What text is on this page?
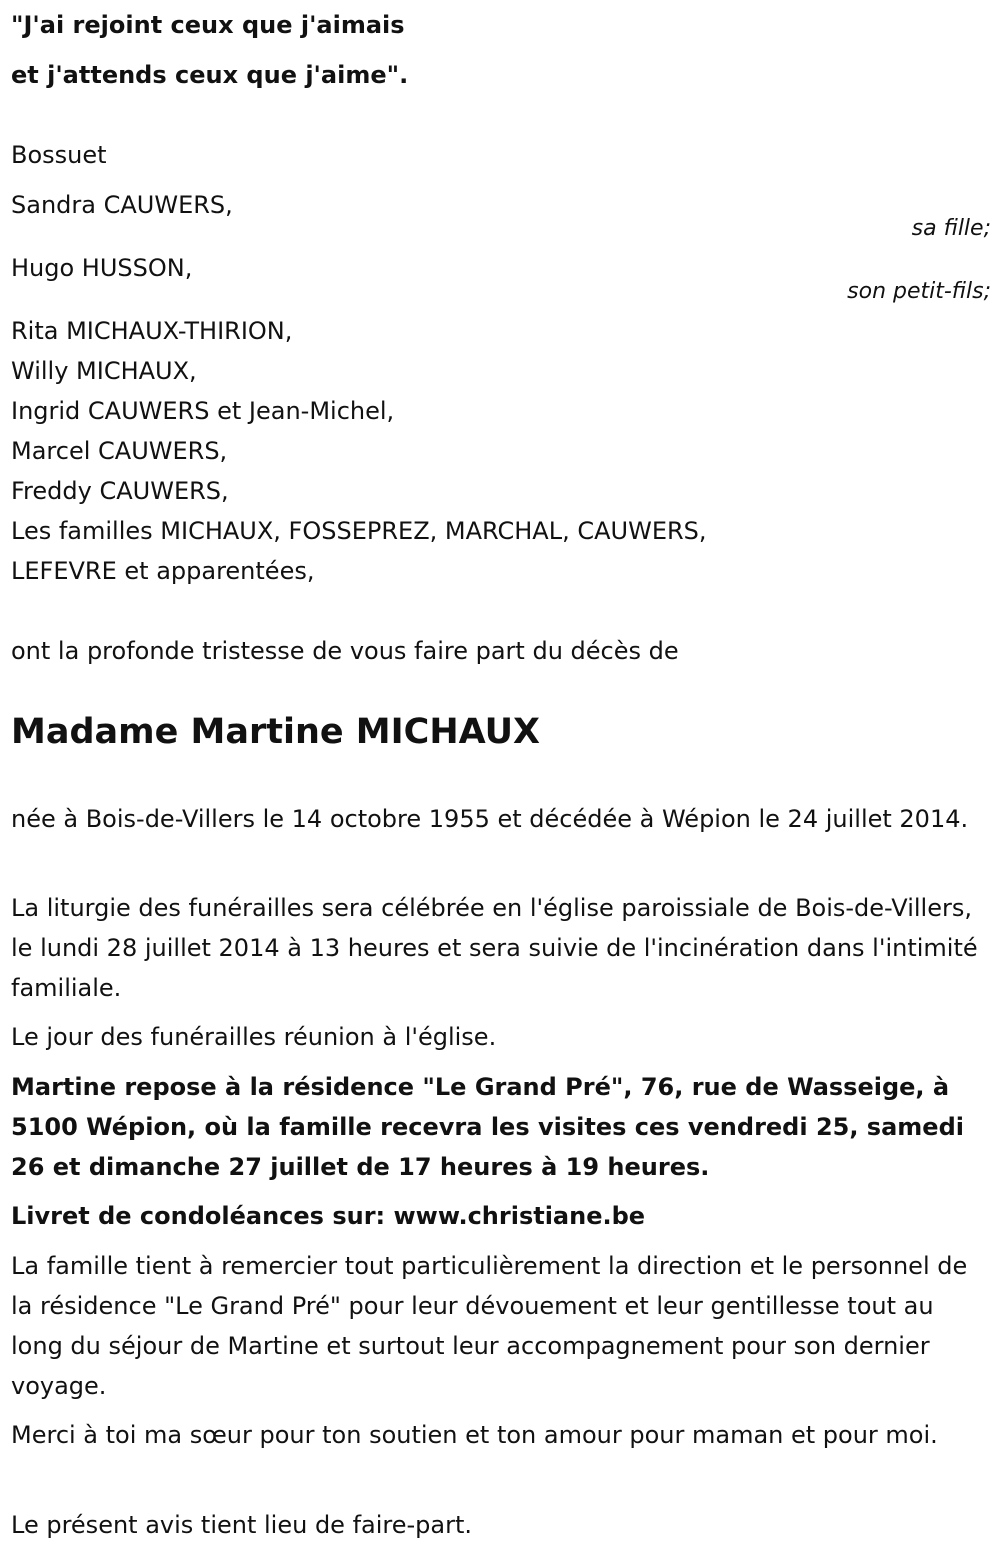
"J'ai rejoint ceux que j'aimais
et j'attends ceux que j'aime".
Bossuet
Sandra CAUWERS,
sa fille;
Hugo HUSSON,
son petit-fils;
Rita MICHAUX-THIRION,
Willy MICHAUX,
Ingrid CAUWERS et Jean-Michel,
Marcel CAUWERS,
Freddy CAUWERS,
Les familles MICHAUX, FOSSEPREZ, MARCHAL, CAUWERS,
LEFEVRE et apparentées,
ont la profonde tristesse de vous faire part du décès de
Madame Martine MICHAUX
née à Bois-de-Villers le 14 octobre 1955 et décédée à Wépion le 24 juillet 2014.
La liturgie des funérailles sera célébrée en l'église paroissiale de Bois-de-Villers, le lundi 28 juillet 2014 à 13 heures et sera suivie de l'incinération dans l'intimité familiale.
Le jour des funérailles réunion à l'église.
Martine repose à la résidence "Le Grand Pré", 76, rue de Wasseige, à 5100 Wépion, où la famille recevra les visites ces vendredi 25, samedi 26 et dimanche 27 juillet de 17 heures à 19 heures.
Livret de condoléances sur: www.christiane.be
La famille tient à remercier tout particulièrement la direction et le personnel de la résidence "Le Grand Pré" pour leur dévouement et leur gentillesse tout au long du séjour de Martine et surtout leur accompagnement pour son dernier voyage.
Merci à toi ma sœur pour ton soutien et ton amour pour maman et pour moi.
Le présent avis tient lieu de faire-part.
